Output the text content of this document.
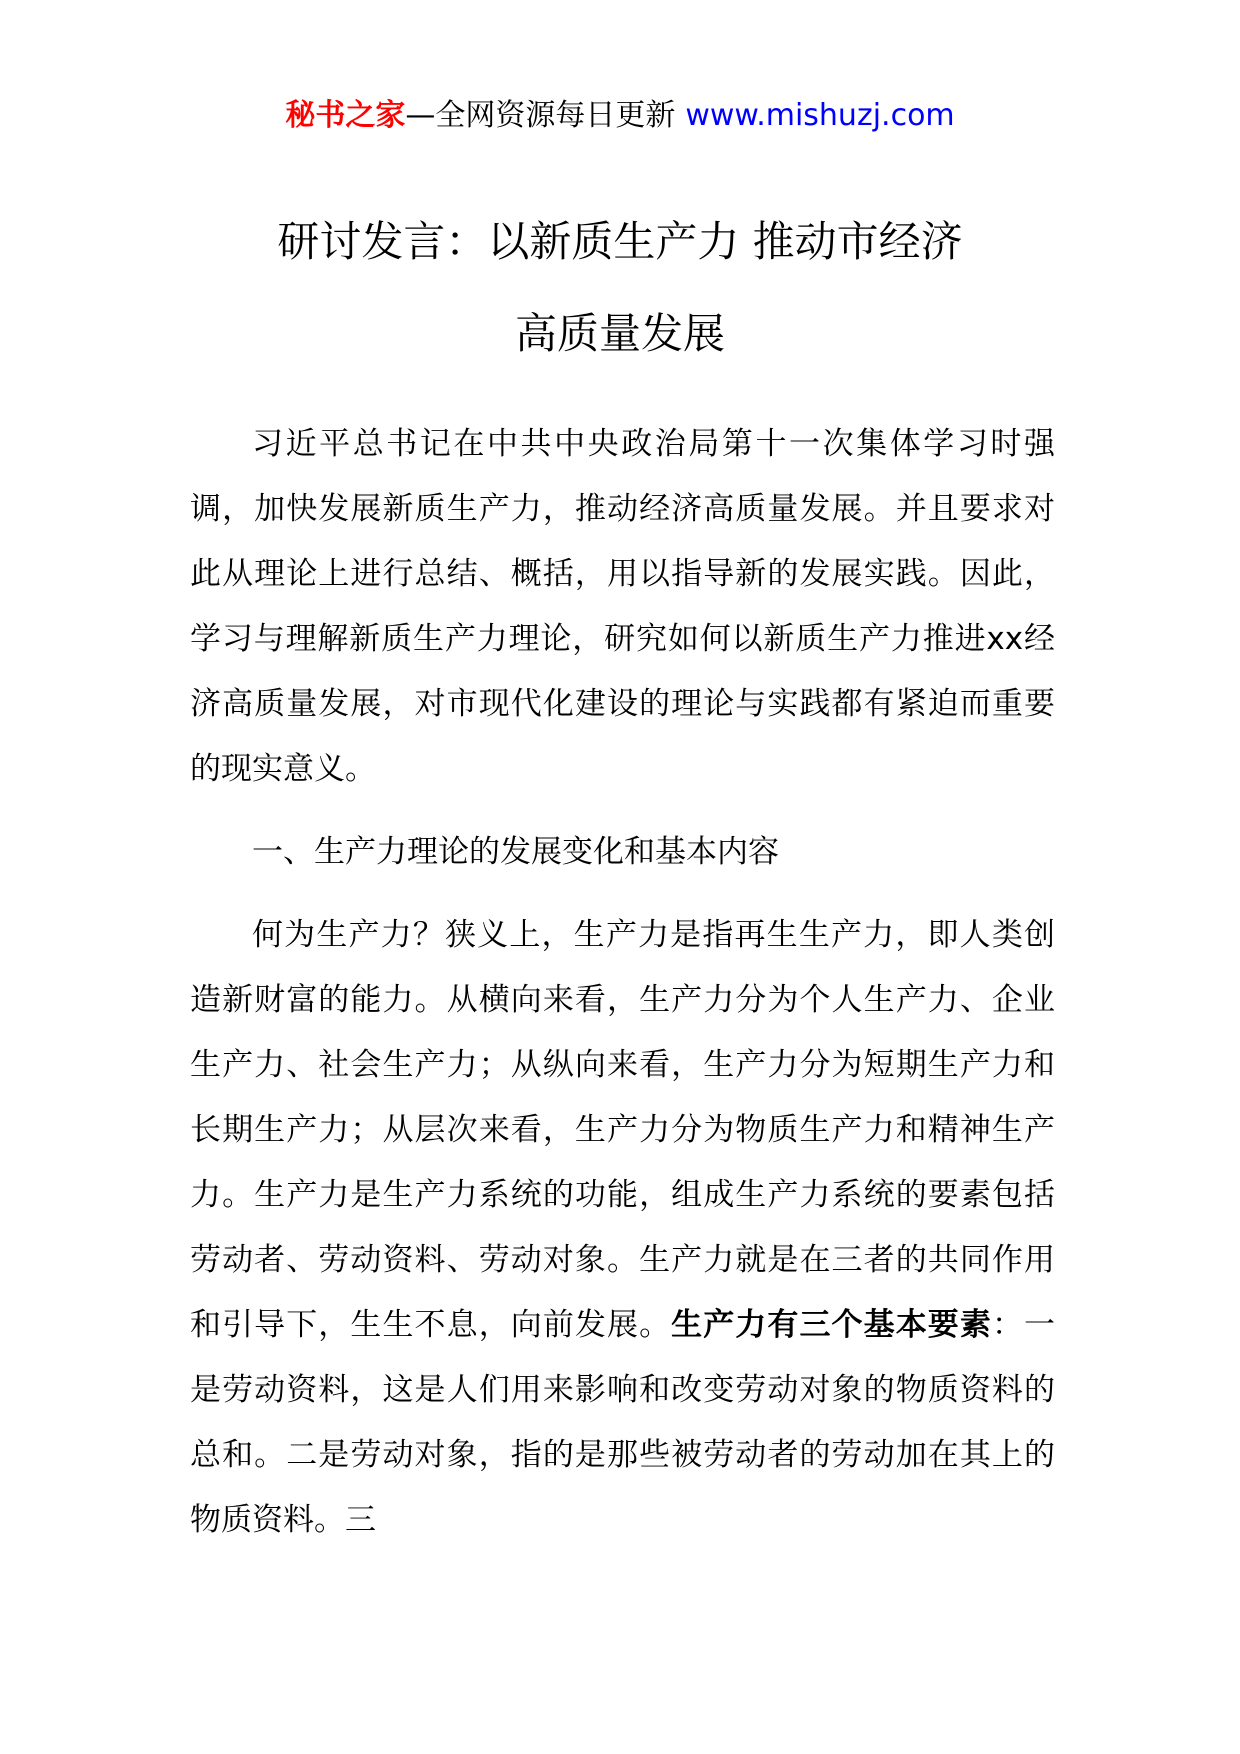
秘书之家—全网资源每日更新 www.mishuzj.com
研讨发言：以新质生产力 推动市经济
高质量发展

习近平总书记在中共中央政治局第十一次集体学习时强调，加快发展新质生产力，推动经济高质量发展。并且要求对此从理论上进行总结、概括，用以指导新的发展实践。因此，学习与理解新质生产力理论，研究如何以新质生产力推进xx经济高质量发展，对市现代化建设的理论与实践都有紧迫而重要的现实意义。

一、生产力理论的发展变化和基本内容

何为生产力？狭义上，生产力是指再生生产力，即人类创造新财富的能力。从横向来看，生产力分为个人生产力、企业生产力、社会生产力；从纵向来看，生产力分为短期生产力和长期生产力；从层次来看，生产力分为物质生产力和精神生产力。生产力是生产力系统的功能，组成生产力系统的要素包括劳动者、劳动资料、劳动对象。生产力就是在三者的共同作用和引导下，生生不息，向前发展。生产力有三个基本要素：一是劳动资料，这是人们用来影响和改变劳动对象的物质资料的总和。二是劳动对象，指的是那些被劳动者的劳动加在其上的物质资料。三
